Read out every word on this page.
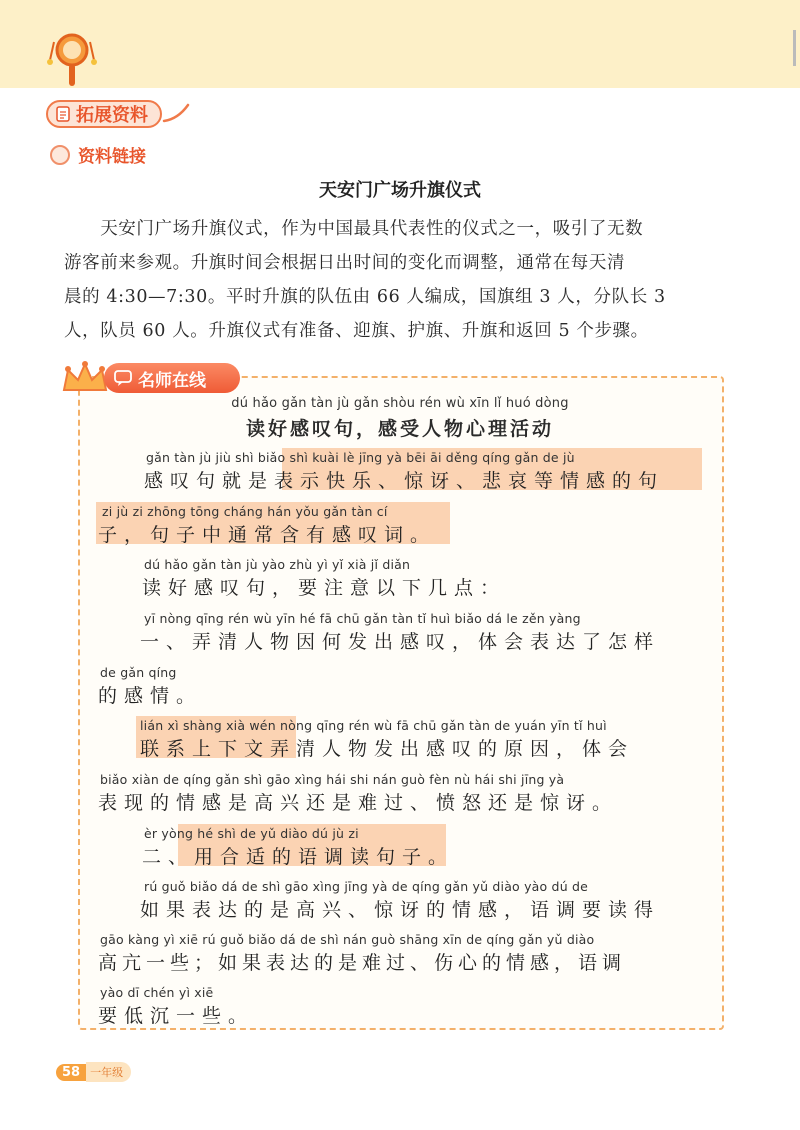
拓展资料
资料链接
天安门广场升旗仪式
　　天安门广场升旗仪式，作为中国最具代表性的仪式之一，吸引了无数
游客前来参观。升旗时间会根据日出时间的变化而调整，通常在每天清
晨的 4:30—7:30。平时升旗的队伍由 66 人编成，国旗组 3 人，分队长 3
人，队员 60 人。升旗仪式有准备、迎旗、护旗、升旗和返回 5 个步骤。
名师在线
dú hǎo gǎn tàn jù gǎn shòu rén wù xīn lǐ huó dòng
读好感叹句，感受人物心理活动
gǎn tàn jù jiù shì biǎo shì kuài lè jīng yà bēi āi děng qíng gǎn de jù
感叹句就是表示快乐、惊讶、悲哀等情感的句
zi jù zi zhōng tōng cháng hán yǒu gǎn tàn cí
子，句子中通常含有感叹词。
dú hǎo gǎn tàn jù yào zhù yì yǐ xià jǐ diǎn
读好感叹句，要注意以下几点：
yī nòng qīng rén wù yīn hé fā chū gǎn tàn tǐ huì biǎo dá le zěn yàng
一、弄清人物因何发出感叹，体会表达了怎样
de gǎn qíng
的感情。
lián xì shàng xià wén nòng qīng rén wù fā chū gǎn tàn de yuán yīn tǐ huì
联系上下文弄清人物发出感叹的原因，体会
biǎo xiàn de qíng gǎn shì gāo xìng hái shi nán guò fèn nù hái shi jīng yà
表现的情感是高兴还是难过、愤怒还是惊讶。
èr yòng hé shì de yǔ diào dú jù zi
二、用合适的语调读句子。
rú guǒ biǎo dá de shì gāo xìng jīng yà de qíng gǎn yǔ diào yào dú de
如果表达的是高兴、惊讶的情感，语调要读得
gāo kàng yì xiē rú guǒ biǎo dá de shì nán guò shāng xīn de qíng gǎn yǔ diào
高亢一些；如果表达的是难过、伤心的情感，语调
yào dī chén yì xiē
要低沉一些。
58 一年级
